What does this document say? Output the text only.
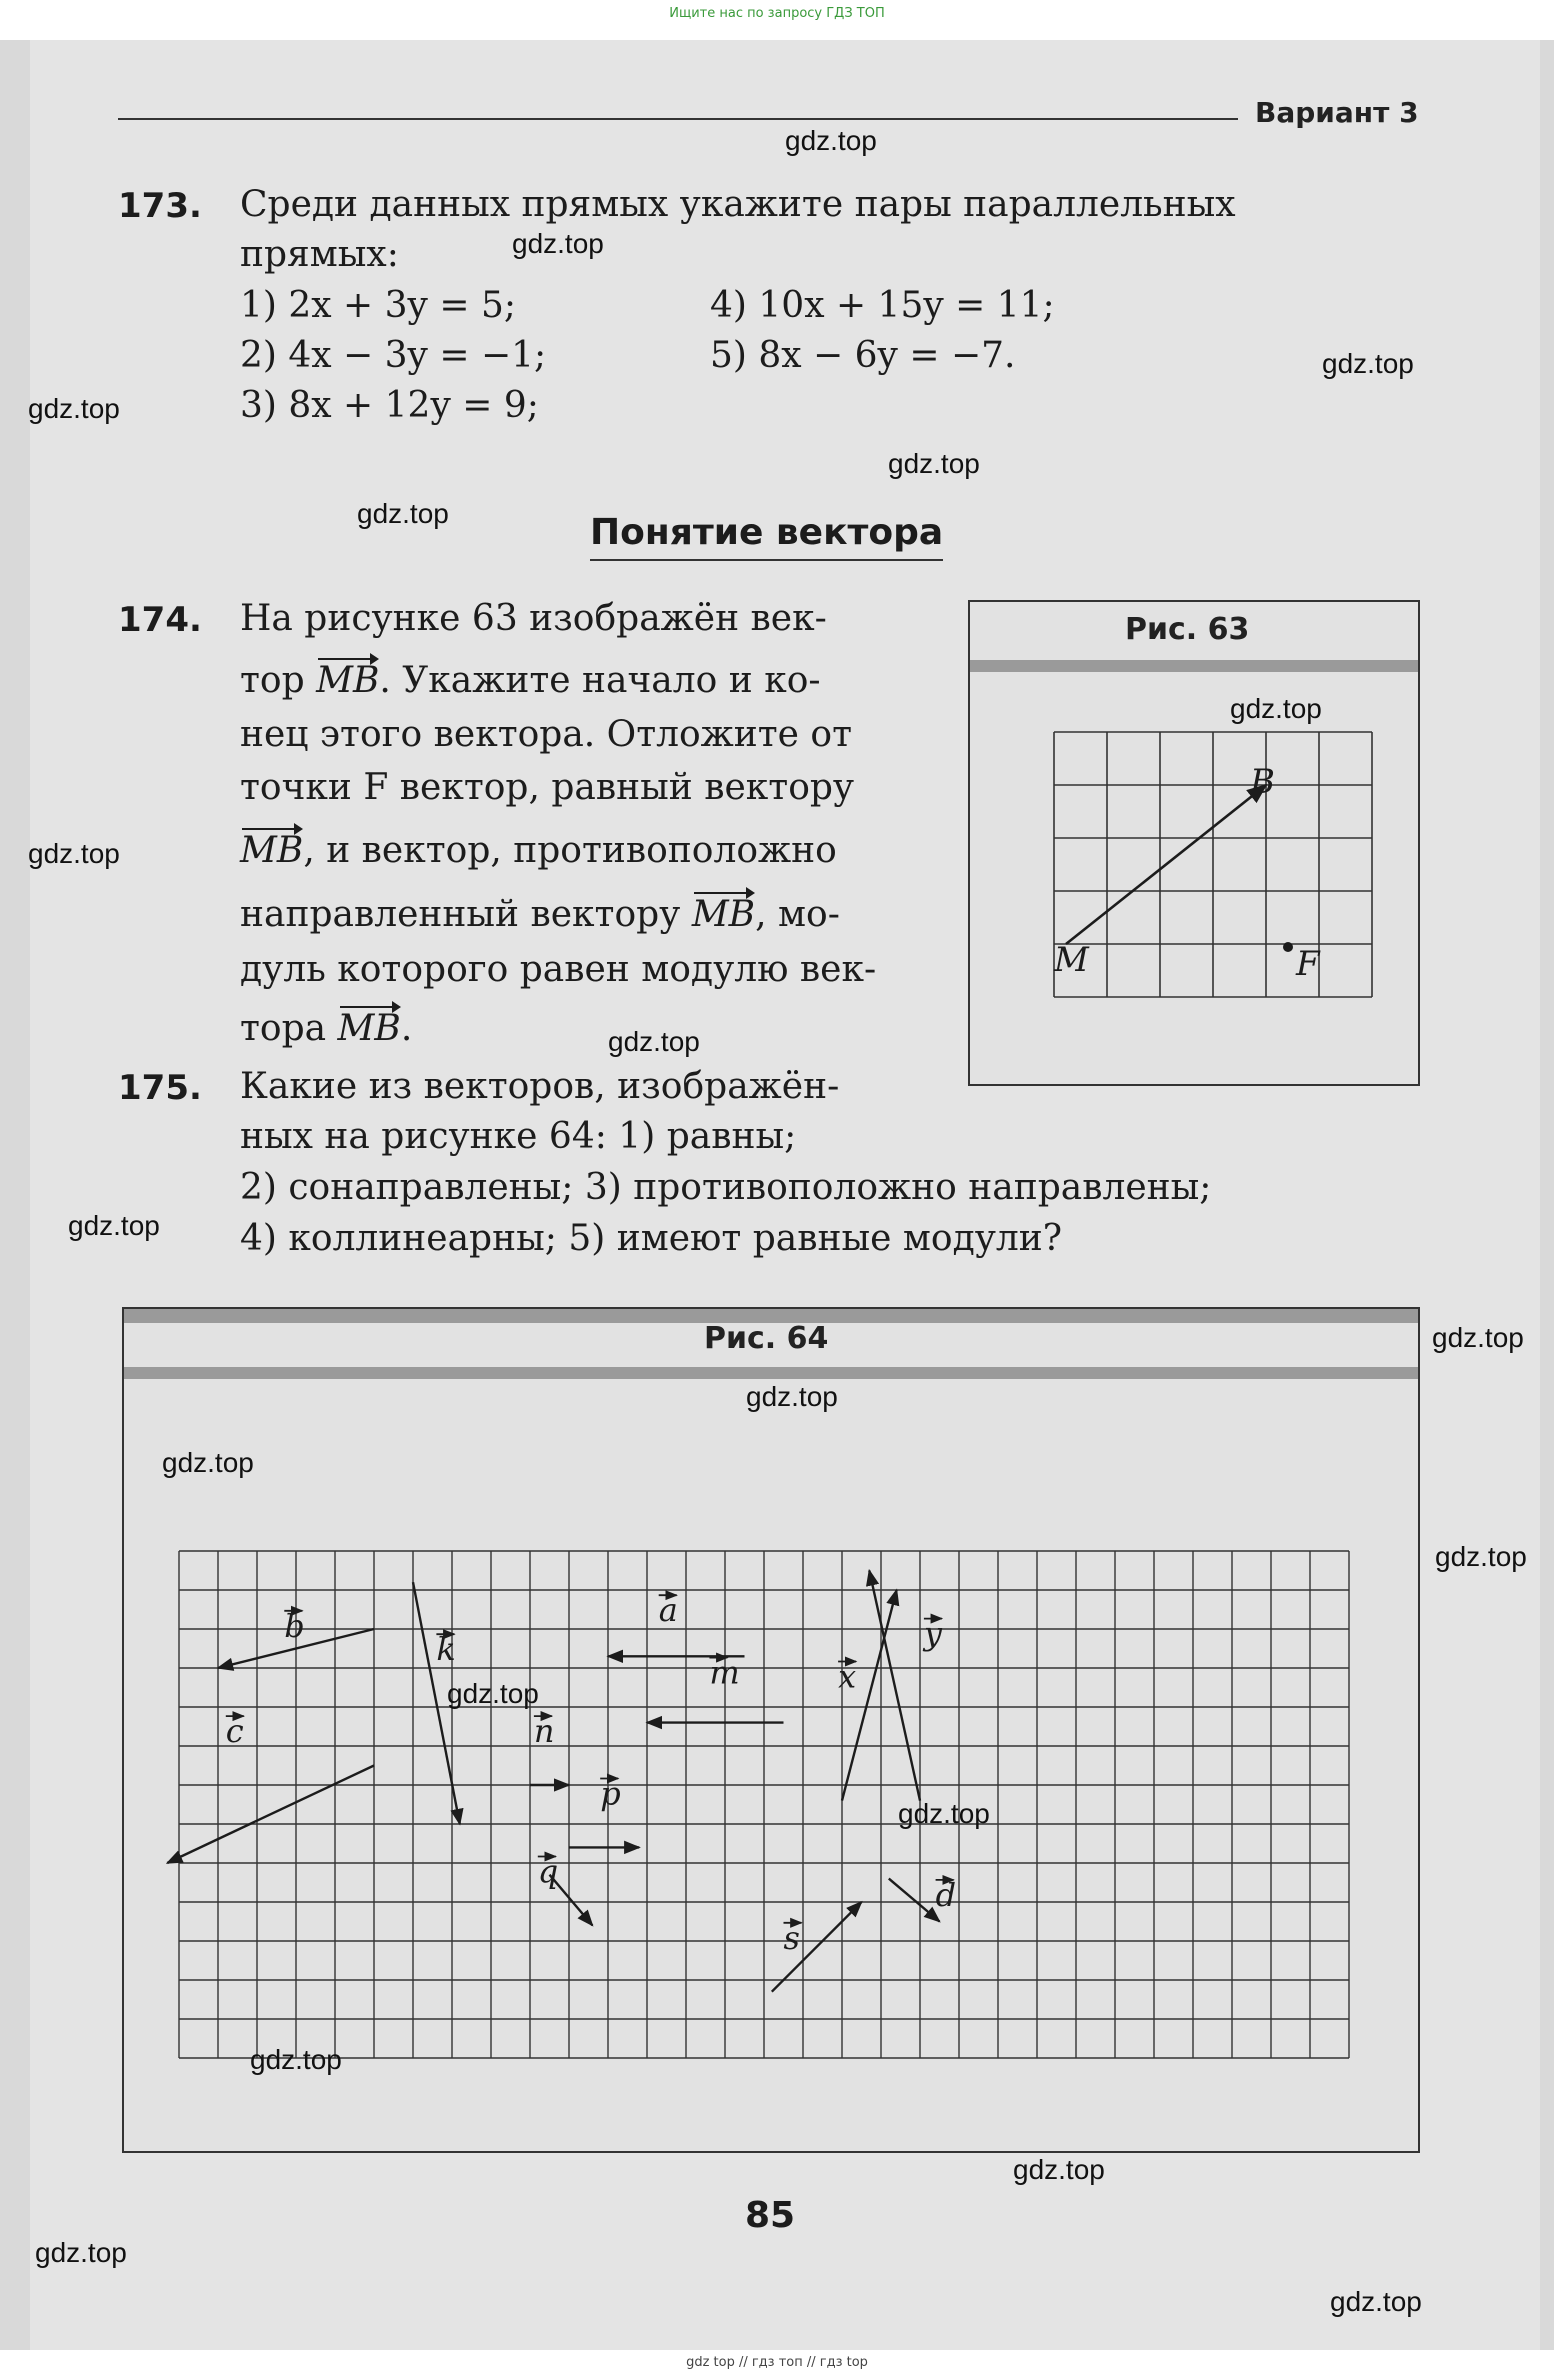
Ищите нас по запросу ГДЗ ТОП
Вариант 3
173. Среди данных прямых укажите пары параллельных
прямых:
1) 2x + 3y = 5;
2) 4x − 3y = −1;
3) 8x + 12y = 9;
4) 10x + 15y = 11;
5) 8x − 6y = −7.
Понятие вектора
174. На рисунке 63 изображён век-
тор MB. Укажите начало и ко-
нец этого вектора. Отложите от
точки F вектор, равный вектору
MB, и вектор, противоположно
направленный вектору MB, мо-
дуль которого равен модулю век-
тора MB.
175. Какие из векторов, изображён-
ных на рисунке 64: 1) равны;
2) сонаправлены; 3) противоположно направлены;
4) коллинеарны; 5) имеют равные модули?
Рис. 63
M
B
F
Рис. 64
b
c
k
a
m
n
p
q
s
x
y
d
85
gdz.top
gdz.top
gdz.top
gdz.top
gdz.top
gdz.top
gdz.top
gdz.top
gdz.top
gdz.top
gdz.top
gdz.top
gdz.top
gdz.top
gdz.top
gdz.top
gdz.top
gdz.top
gdz.top
gdz.top
gdz top // гдз топ // гдз top
